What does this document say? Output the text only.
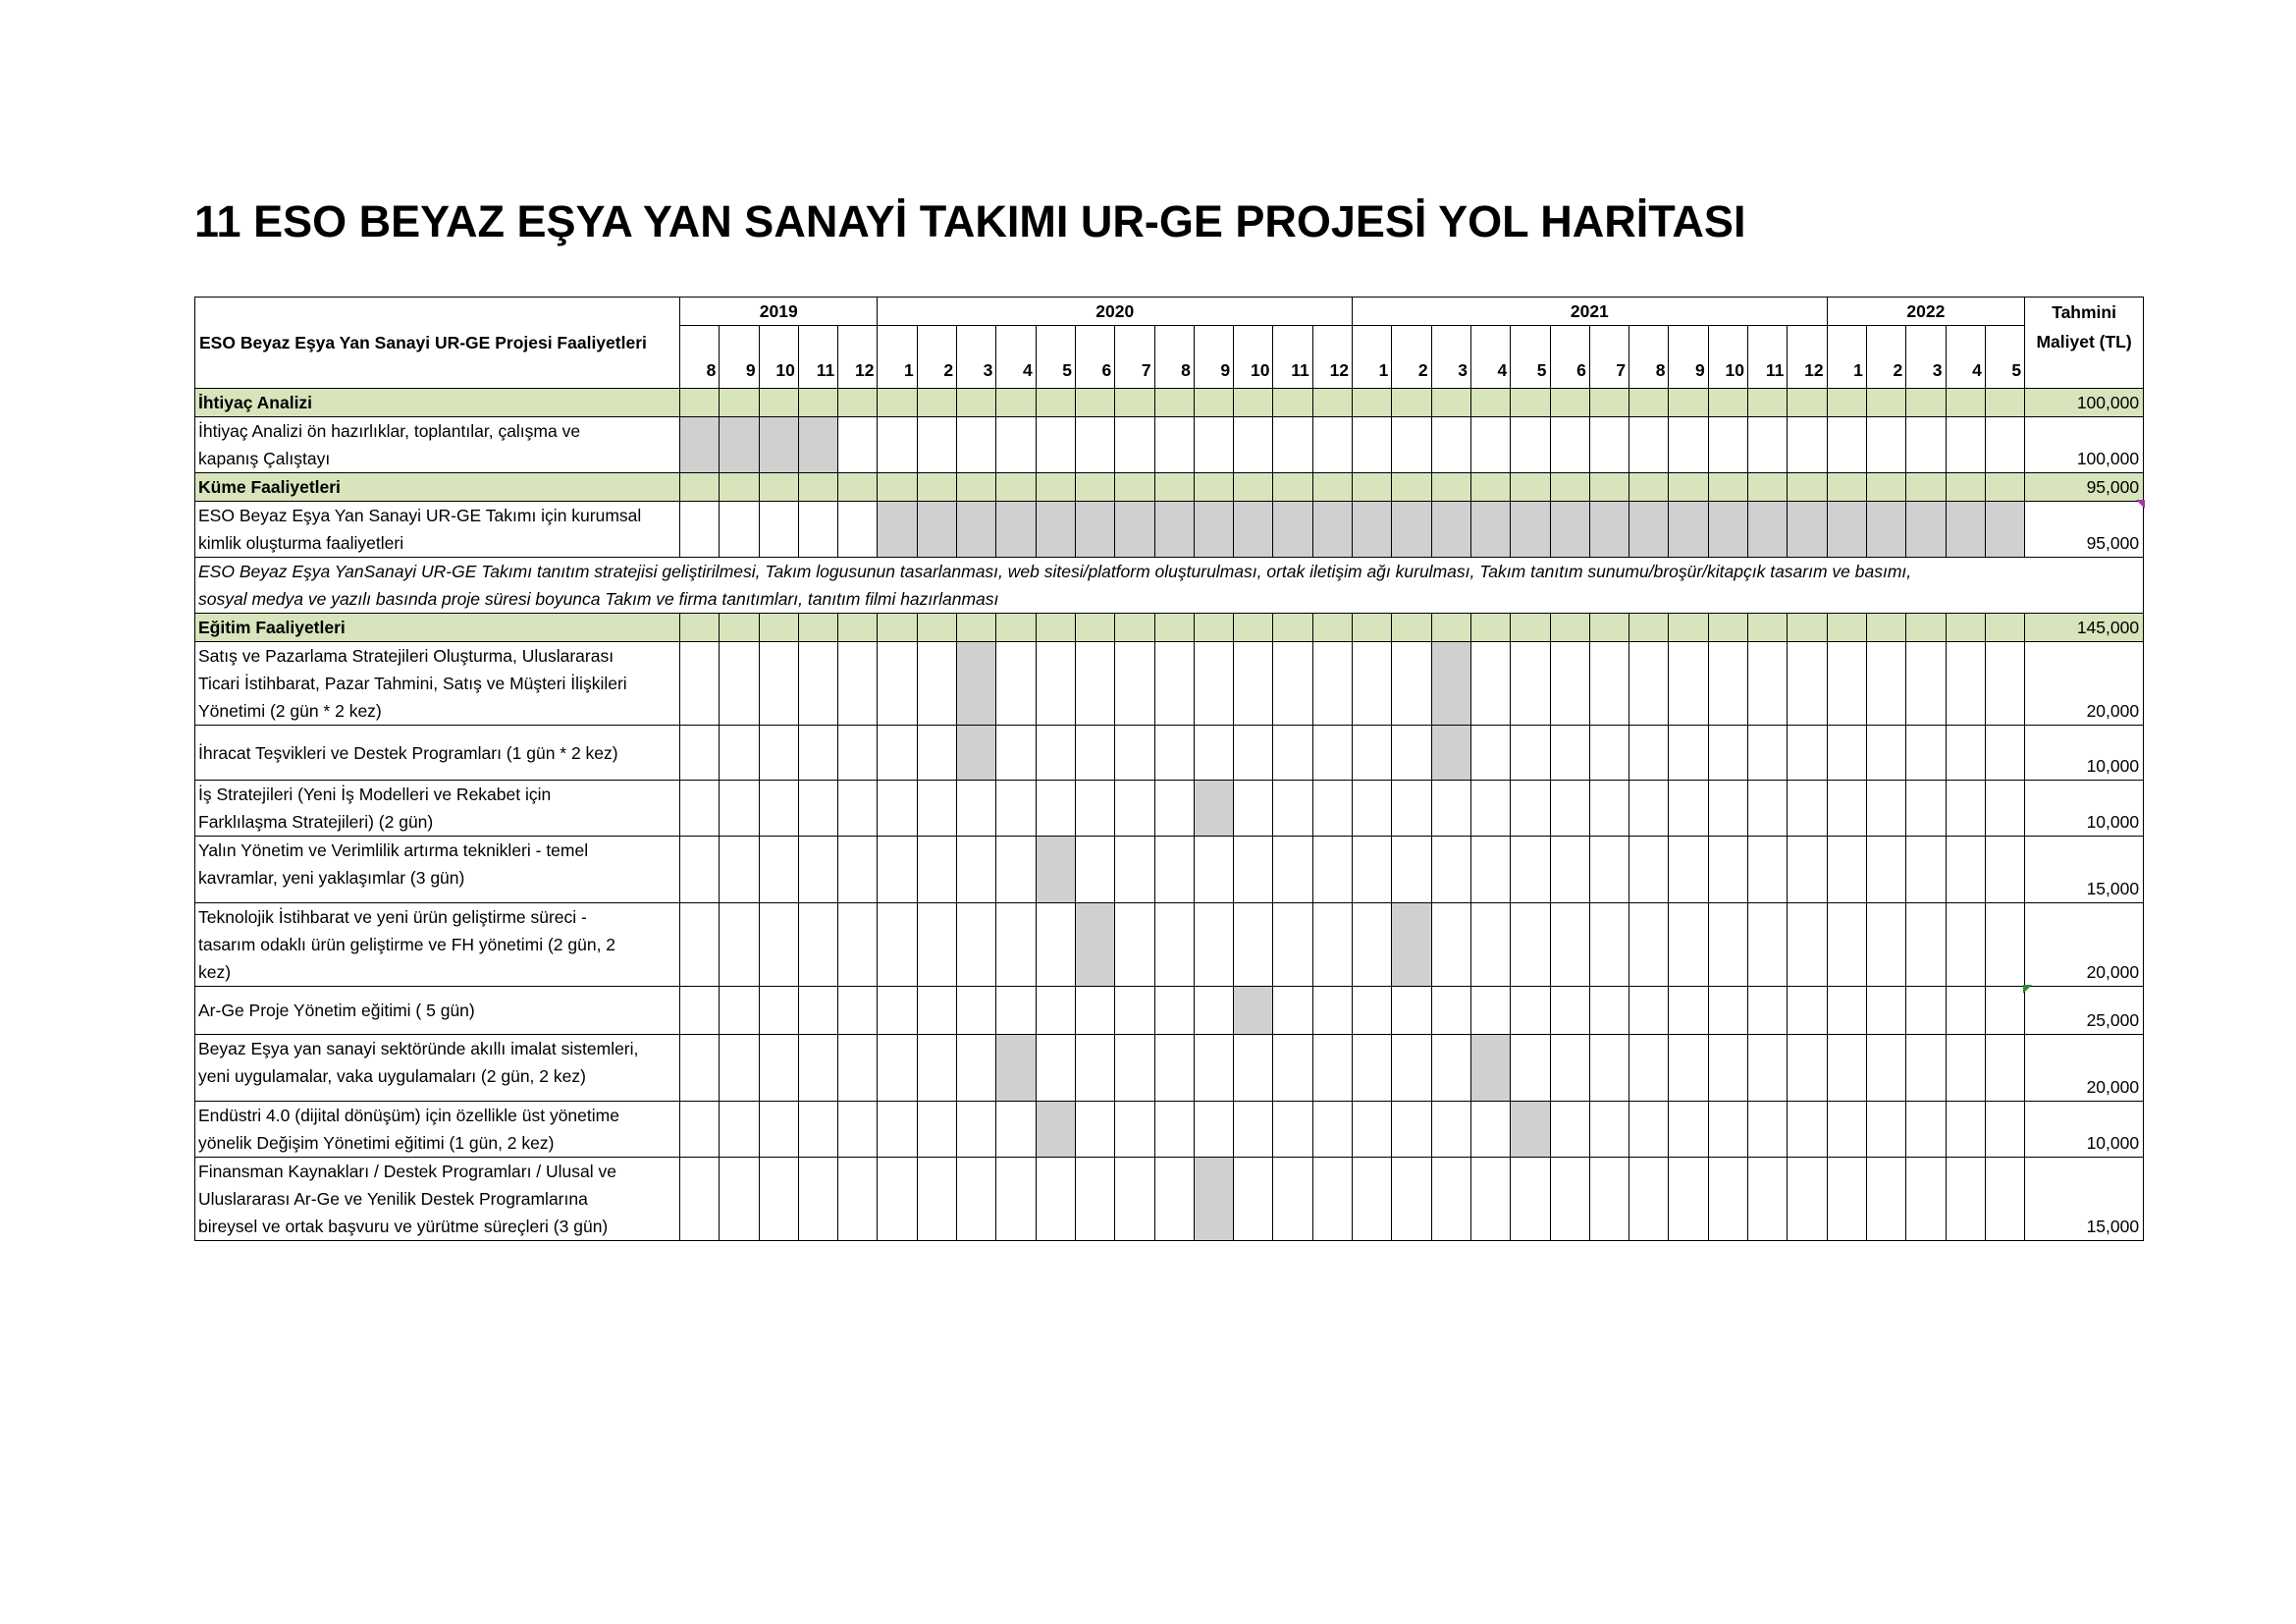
11 ESO BEYAZ EŞYA YAN SANAYİ TAKIMI UR-GE PROJESİ YOL HARİTASI
ESO Beyaz Eşya Yan Sanayi UR-GE Projesi Faaliyetleri	2019					2020												2021												2022					Tahmini
Maliyet (TL)

	8	9	10	11	12	1	2	3	4	5	6	7	8	9	10	11	12	1	2	3	4	5	6	7	8	9	10	11	12	1	2	3	4	5	
İhtiyaç Analizi																																			100,000

İhtiyaç Analizi ön hazırlıklar, toplantılar, çalışma ve
kapanış Çalıştayı																																			100,000
Küme Faaliyetleri																																			95,000

ESO Beyaz Eşya Yan Sanayi UR-GE Takımı için kurumsal
kimlik oluşturma faaliyetleri																																			95,000

ESO Beyaz Eşya YanSanayi UR-GE Takımı tanıtım stratejisi geliştirilmesi, Takım logusunun tasarlanması, web sitesi/platform oluşturulması, ortak iletişim ağı kurulması, Takım tanıtım sunumu/broşür/kitapçık tasarım ve basımı,
sosyal medya ve yazılı basında proje süresi boyunca Takım ve firma tanıtımları, tanıtım filmi hazırlanması																																			

Eğitim Faaliyetleri																																			145,000

Satış ve Pazarlama Stratejileri Oluşturma, Uluslararası
Ticari İstihbarat, Pazar Tahmini, Satış ve Müşteri İlişkileri
Yönetimi (2 gün * 2 kez)																																			20,000

İhracat Teşvikleri ve Destek Programları (1 gün * 2 kez)																																			10,000

İş Stratejileri (Yeni İş Modelleri ve Rekabet için
Farklılaşma Stratejileri) (2 gün)																																			10,000

Yalın Yönetim ve Verimlilik artırma teknikleri - temel
kavramlar, yeni yaklaşımlar (3 gün)																																			15,000

Teknolojik İstihbarat ve yeni ürün geliştirme süreci -
tasarım odaklı ürün geliştirme ve FH yönetimi (2 gün, 2
kez)																																			20,000

Ar-Ge Proje Yönetim eğitimi ( 5 gün)																																			25,000

Beyaz Eşya yan sanayi sektöründe akıllı imalat sistemleri,
yeni uygulamalar, vaka uygulamaları (2 gün, 2 kez)																																			20,000

Endüstri 4.0 (dijital dönüşüm) için özellikle üst yönetime
yönelik Değişim Yönetimi eğitimi (1 gün, 2 kez)																																			10,000

Finansman Kaynakları / Destek Programları / Ulusal ve
Uluslararası Ar-Ge ve Yenilik Destek Programlarına
bireysel ve ortak başvuru ve yürütme süreçleri (3 gün)																																			15,000
